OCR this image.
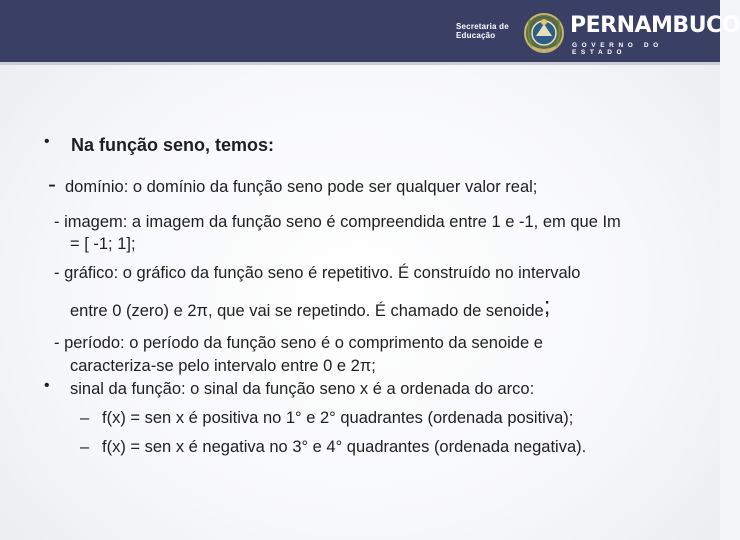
Secretaria de
Educação	PERNAMBUCO
GOVERNO DO ESTADO
• Na função seno, temos:
- domínio: o domínio da função seno pode ser qualquer valor real;
- imagem: a imagem da função seno é compreendida entre 1 e -1, em que Im
= [ -1; 1];
- gráfico: o gráfico da função seno é repetitivo. É construído no intervalo
entre 0 (zero) e 2π, que vai se repetindo. É chamado de senoide;
- período: o período da função seno é o comprimento da senoide e
caracteriza-se pelo intervalo entre 0 e 2π;
• sinal da função: o sinal da função seno x é a ordenada do arco:
– f(x) = sen x é positiva no 1° e 2° quadrantes (ordenada positiva);
– f(x) = sen x é negativa no 3° e 4° quadrantes (ordenada negativa).
